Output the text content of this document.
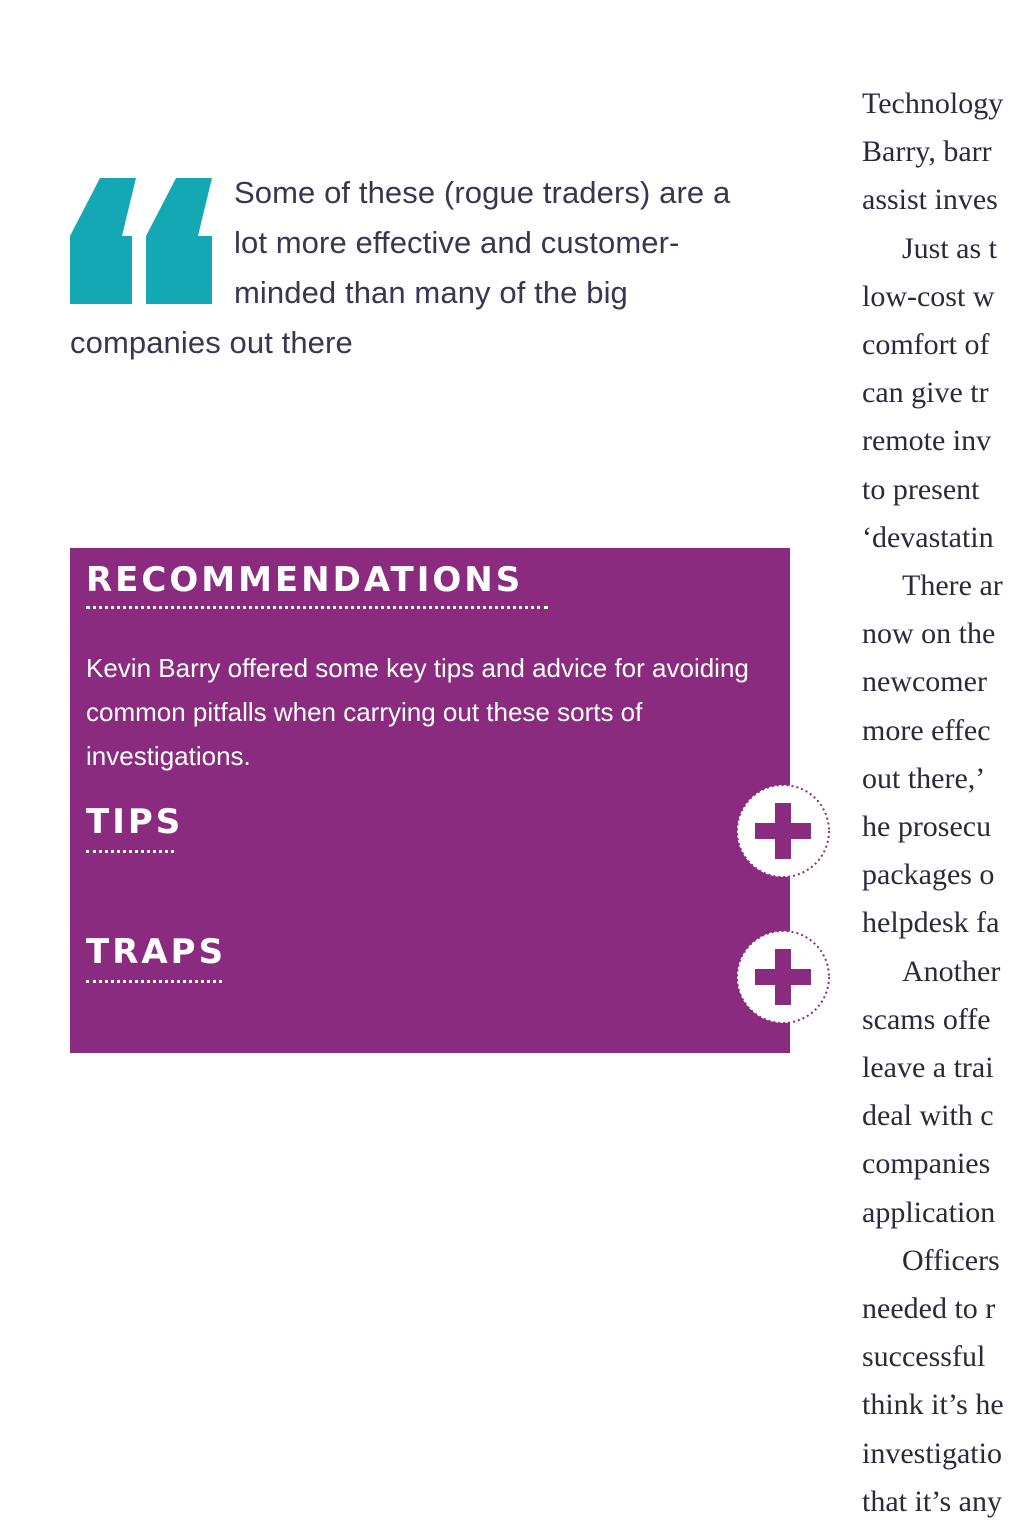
Some of these (rogue traders) are a lot more effective and customer-minded than many of the big companies out there

RECOMMENDATIONS

Kevin Barry offered some key tips and advice for avoiding common pitfalls when carrying out these sorts of investigations.

TIPS
TRAPS
Technology
Barry, barr
assist inves
Just as t
low-cost w
comfort of
can give tr
remote inv
to present
‘devastatin
There ar
now on the
newcomer
more effec
out there,’
he prosecu
packages o
helpdesk fa
Another
scams offe
leave a trai
deal with c
companies
application
Officers
needed to r
successful
think it’s he
investigatio
that it’s any
